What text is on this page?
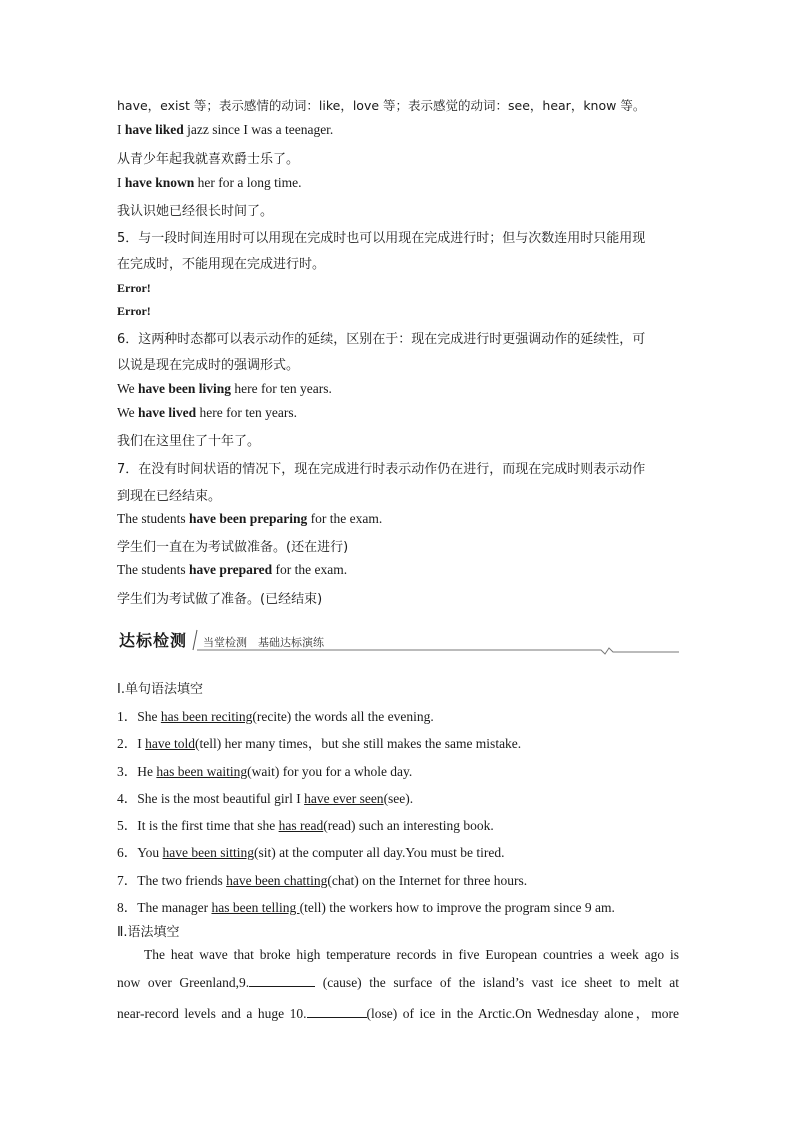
have，exist 等；表示感情的动词：like，love 等；表示感觉的动词：see，hear，know 等。
I have liked jazz since I was a teenager.
从青少年起我就喜欢爵士乐了。
I have known her for a long time.
我认识她已经很长时间了。
5．与一段时间连用时可以用现在完成时也可以用现在完成进行时；但与次数连用时只能用现
在完成时，不能用现在完成进行时。
Error!
Error!
6．这两种时态都可以表示动作的延续，区别在于：现在完成进行时更强调动作的延续性，可
以说是现在完成时的强调形式。
We have been living here for ten years.
We have lived here for ten years.
我们在这里住了十年了。
7．在没有时间状语的情况下，现在完成进行时表示动作仍在进行，而现在完成时则表示动作
到现在已经结束。
The students have been preparing for the exam.
学生们一直在为考试做准备。(还在进行)
The students have prepared for the exam.
学生们为考试做了准备。(已经结束)
达标检测 当堂检测　基础达标演练
Ⅰ.单句语法填空
1．She has been reciting(recite) the words all the evening.
2．I have told(tell) her many times，but she still makes the same mistake.
3．He has been waiting(wait) for you for a whole day.
4．She is the most beautiful girl I have ever seen(see).
5．It is the first time that she has read(read) such an interesting book.
6．You have been sitting(sit) at the computer all day.You must be tired.
7．The two friends have been chatting(chat) on the Internet for three hours.
8．The manager has been telling (tell) the workers how to improve the program since 9 am.
Ⅱ.语法填空
The heat wave that broke high temperature records in five European countries a week ago is
now over Greenland,9.	(cause) the surface of the island’s vast ice sheet to melt at
near-record levels and a huge 10.	(lose) of ice in the Arctic.On Wednesday alone，more
